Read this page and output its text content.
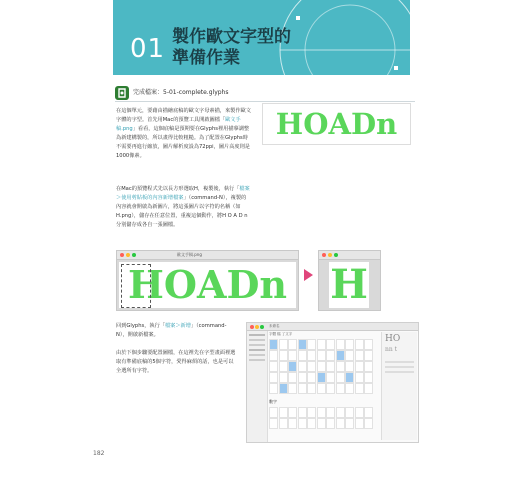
01 製作歐文字型的
準備作業
完成檔案：5-01-complete.glyphs
在這個單元，要藉由描繪底稿的歐文字母素描，來製作歐文字體的字型。首先用Mac的預覽工具開啟圖檔「歐文手稿.png」看看，這個底稿是預期要在Glyphs裡用描摹調整為新建構製的，所以畫得比較粗糙。為了配置在Glyphs時不需要再進行縮放，圖片解析度設為72ppi，圖片高度則是1000像素。
HOADn
在Mac的預覽程式先以長方形選取H，複製後，執行「檔案＞使用剪貼板的內容新增檔案」（command-N），複製的內容就會開啟為新圖片，將這張圖片以字符的名稱（如H.png），儲存在任意位置，重複這個動作，將H O A D n分別儲存成各自一張圖檔。
歐文手稿.png
HOADn H
回到Glyphs，執行「檔案＞新增」（command-N），開啟新檔案。
由於下個步驟要配置圖檔，在這裡先在字型畫面裡選取有準備底稿的5個字符，愛得麻煩的話，也是可以全選所有字符。
未命名
字體 檔 了文字
數字
HO
nn t
182
